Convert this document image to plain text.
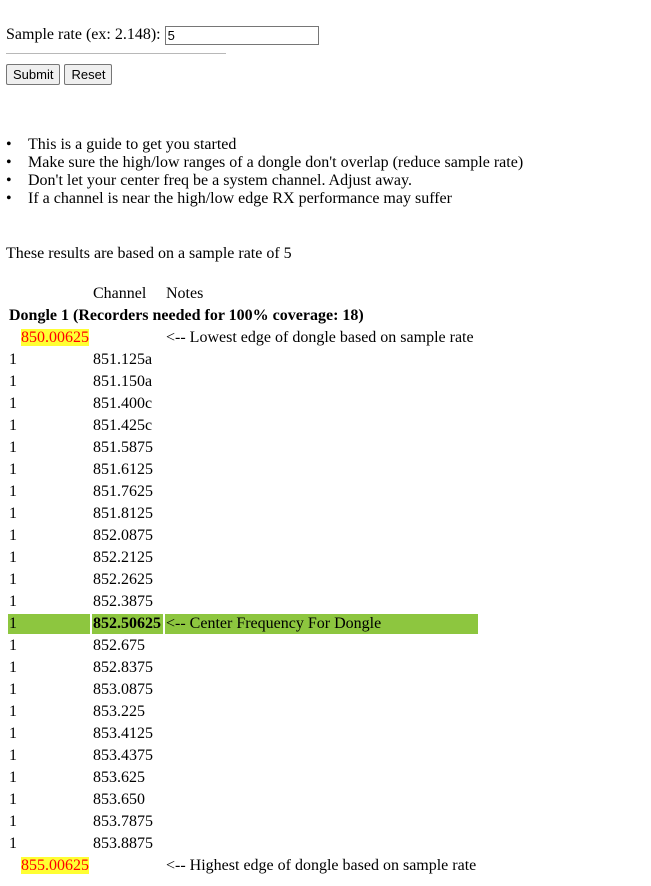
Sample rate (ex: 2.148):
5
Submit	Reset
•	This is a guide to get you started
•	Make sure the high/low ranges of a dongle don't overlap (reduce sample rate)
•	Don't let your center freq be a system channel. Adjust away.
•	If a channel is near the high/low edge RX performance may suffer
These results are based on a sample rate of 5
	Channel	Notes
Dongle 1 (Recorders needed for 100% coverage: 18)		
850.00625		<-- Lowest edge of dongle based on sample rate
1	851.125a	
1	851.150a	
1	851.400c	
1	851.425c	
1	851.5875	
1	851.6125	
1	851.7625	
1	851.8125	
1	852.0875	
1	852.2125	
1	852.2625	
1	852.3875	
1	852.50625	<-- Center Frequency For Dongle
1	852.675	
1	852.8375	
1	853.0875	
1	853.225	
1	853.4125	
1	853.4375	
1	853.625	
1	853.650	
1	853.7875	
1	853.8875	
855.00625		<-- Highest edge of dongle based on sample rate
